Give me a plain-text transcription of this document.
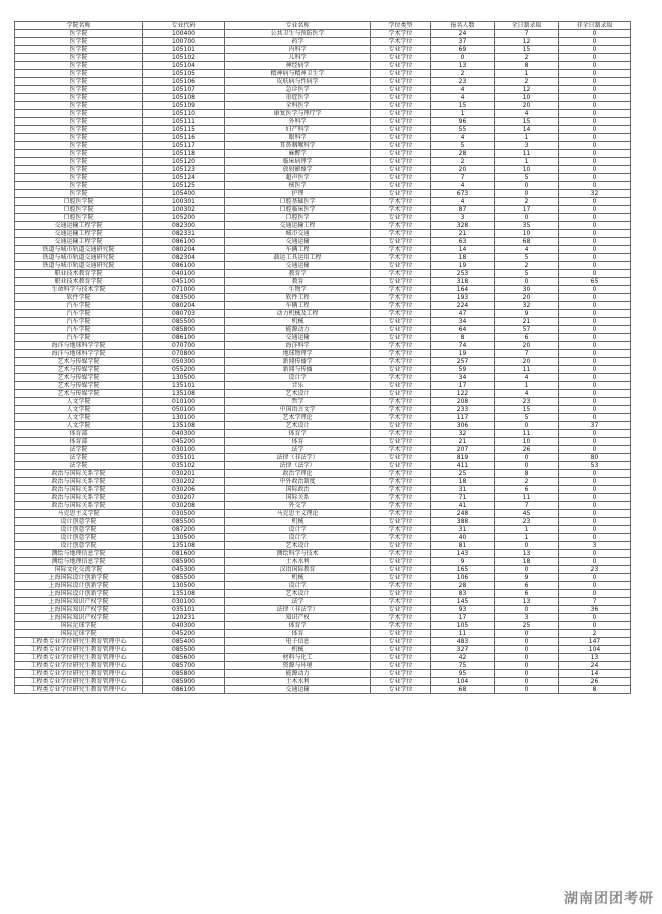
学院名称	专业代码	专业名称	学位类型	报名人数	全日制录取	非全日制录取
医学院	100400	公共卫生与预防医学	学术学位	24	7	0
医学院	100700	药学	学术学位	37	12	0
医学院	105101	内科学	专业学位	69	15	0
医学院	105102	儿科学	专业学位	0	2	0
医学院	105104	神经病学	专业学位	13	8	0
医学院	105105	精神病与精神卫生学	专业学位	2	1	0
医学院	105106	皮肤病与性病学	专业学位	23	2	0
医学院	105107	急诊医学	专业学位	4	12	0
医学院	105108	重症医学	专业学位	4	10	0
医学院	105109	全科医学	专业学位	15	20	0
医学院	105110	康复医学与理疗学	专业学位	1	4	0
医学院	105111	外科学	专业学位	96	15	0
医学院	105115	妇产科学	专业学位	55	14	0
医学院	105116	眼科学	专业学位	4	1	0
医学院	105117	耳鼻咽喉科学	专业学位	5	3	0
医学院	105118	麻醉学	专业学位	28	11	0
医学院	105120	临床病理学	专业学位	2	1	0
医学院	105123	放射影像学	专业学位	20	10	0
医学院	105124	超声医学	专业学位	7	5	0
医学院	105125	核医学	专业学位	4	0	0
医学院	105400	护理	专业学位	673	0	32
口腔医学院	100301	口腔基础医学	学术学位	4	2	0
口腔医学院	100302	口腔临床医学	学术学位	87	17	0
口腔医学院	105200	口腔医学	专业学位	3	0	0
交通运输工程学院	082300	交通运输工程	学术学位	328	35	0
交通运输工程学院	082331	城市交通	学术学位	21	10	0
交通运输工程学院	086100	交通运输	专业学位	63	68	0
铁道与城市轨道交通研究院	080204	车辆工程	学术学位	14	4	0
铁道与城市轨道交通研究院	082304	载运工具运用工程	学术学位	18	5	0
铁道与城市轨道交通研究院	086100	交通运输	专业学位	19	2	0
职业技术教育学院	040100	教育学	学术学位	253	5	0
职业技术教育学院	045100	教育	专业学位	318	0	65
生命科学与技术学院	071000	生物学	学术学位	164	30	0
软件学院	083500	软件工程	学术学位	193	20	0
汽车学院	080204	车辆工程	学术学位	224	32	0
汽车学院	080703	动力机械及工程	学术学位	47	9	0
汽车学院	085500	机械	专业学位	34	21	0
汽车学院	085800	能源动力	专业学位	64	57	0
汽车学院	086100	交通运输	专业学位	8	6	0
海洋与地球科学学院	070700	海洋科学	学术学位	74	20	0
海洋与地球科学学院	070800	地球物理学	学术学位	19	7	0
艺术与传媒学院	050300	新闻传播学	学术学位	257	20	0
艺术与传媒学院	055200	新闻与传播	专业学位	59	11	0
艺术与传媒学院	130500	设计学	学术学位	34	4	0
艺术与传媒学院	135101	音乐	专业学位	17	1	0
艺术与传媒学院	135108	艺术设计	专业学位	122	4	0
人文学院	010100	哲学	学术学位	208	23	0
人文学院	050100	中国语言文学	学术学位	233	15	0
人文学院	130100	艺术学理论	学术学位	117	5	0
人文学院	135108	艺术设计	专业学位	306	0	37
体育部	040300	体育学	学术学位	32	11	0
体育部	045200	体育	专业学位	21	10	0
法学院	030100	法学	学术学位	207	26	0
法学院	035101	法律（非法学）	专业学位	819	0	80
法学院	035102	法律（法学）	专业学位	411	0	53
政治与国际关系学院	030201	政治学理论	学术学位	25	8	0
政治与国际关系学院	030202	中外政治制度	学术学位	18	2	0
政治与国际关系学院	030206	国际政治	学术学位	31	6	0
政治与国际关系学院	030207	国际关系	学术学位	71	11	0
政治与国际关系学院	030208	外交学	学术学位	41	7	0
马克思主义学院	030500	马克思主义理论	学术学位	248	45	0
设计创意学院	085500	机械	专业学位	388	23	0
设计创意学院	087200	设计学	学术学位	31	1	0
设计创意学院	130500	设计学	学术学位	40	1	0
设计创意学院	135108	艺术设计	专业学位	81	0	3
测绘与地理信息学院	081600	测绘科学与技术	学术学位	143	13	0
测绘与地理信息学院	085900	土木水利	专业学位	9	18	0
国际文化交流学院	045300	汉语国际教育	专业学位	165	0	23
上海国际设计创新学院	085500	机械	专业学位	106	9	0
上海国际设计创新学院	130500	设计学	学术学位	28	6	0
上海国际设计创新学院	135108	艺术设计	专业学位	83	6	0
上海国际知识产权学院	030100	法学	学术学位	145	13	7
上海国际知识产权学院	035101	法律（非法学）	专业学位	93	0	36
上海国际知识产权学院	120231	知识产权	学术学位	17	3	0
国际足球学院	040300	体育学	学术学位	105	25	0
国际足球学院	045200	体育	专业学位	11	0	2
工程类专业学位研究生教育管理中心	085400	电子信息	专业学位	483	0	147
工程类专业学位研究生教育管理中心	085500	机械	专业学位	327	0	104
工程类专业学位研究生教育管理中心	085600	材料与化工	专业学位	42	0	13
工程类专业学位研究生教育管理中心	085700	资源与环境	专业学位	75	0	24
工程类专业学位研究生教育管理中心	085800	能源动力	专业学位	95	0	14
工程类专业学位研究生教育管理中心	085900	土木水利	专业学位	104	0	26
工程类专业学位研究生教育管理中心	086100	交通运输	专业学位	68	0	8
湖南团团考研
